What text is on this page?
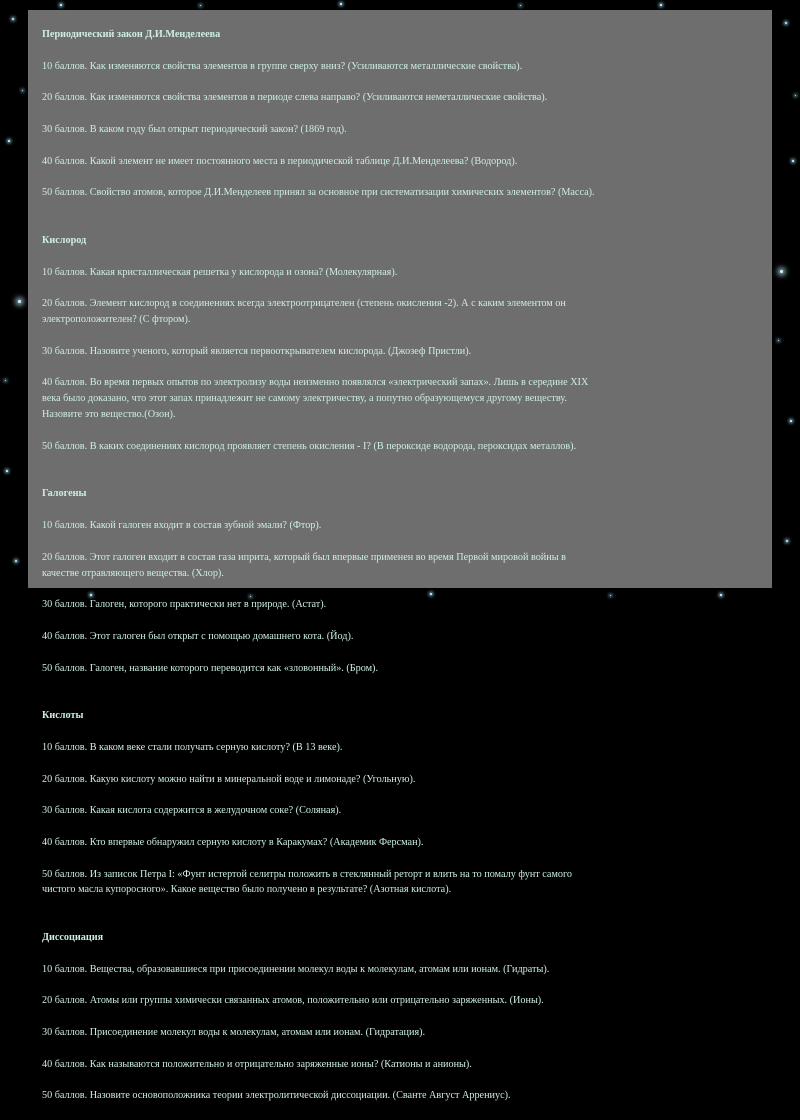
Периодический закон Д.И.Менделеева

10 баллов. Как изменяются свойства элементов в группе сверху вниз? (Усиливаются металлические свойства).

20 баллов. Как изменяются свойства элементов в периоде слева направо? (Усиливаются неметаллические свойства).

30 баллов. В каком году был открыт периодический закон? (1869 год).

40 баллов. Какой элемент не имеет постоянного места в периодической таблице Д.И.Менделеева? (Водород).

50 баллов. Свойство атомов, которое Д.И.Менделеев принял за основное при систематизации химических элементов? (Масса).

Кислород

10 баллов. Какая кристаллическая решетка у кислорода и озона? (Молекулярная).

20 баллов. Элемент кислород в соединениях всегда электроотрицателен (степень окисления -2). А с каким элементом он
электроположителен? (С фтором).

30 баллов. Назовите ученого, который является первооткрывателем кислорода. (Джозеф Пристли).

40 баллов. Во время первых опытов по электролизу воды неизменно появлялся «электрический запах». Лишь в середине XIX
века было доказано, что этот запах принадлежит не самому электричеству, а попутно образующемуся другому веществу.
Назовите это вещество.(Озон).

50 баллов. В каких соединениях кислород проявляет степень окисления - I? (В пероксиде водорода, пероксидах металлов).

Галогены

10 баллов. Какой галоген входит в состав зубной эмали? (Фтор).

20 баллов. Этот галоген входит в состав газа иприта, который был впервые применен во время Первой мировой войны в
качестве отравляющего вещества. (Хлор).

30 баллов. Галоген, которого практически нет в природе. (Астат).

40 баллов. Этот галоген был открыт с помощью домашнего кота. (Йод).

50 баллов. Галоген, название которого переводится как «зловонный». (Бром).

Кислоты

10 баллов. В каком веке стали получать серную кислоту? (В 13 веке).

20 баллов. Какую кислоту можно найти в минеральной воде и лимонаде? (Угольную).

30 баллов. Какая кислота содержится в желудочном соке? (Соляная).

40 баллов. Кто впервые обнаружил серную кислоту в Каракумах? (Академик Ферсман).

50 баллов. Из записок Петра I: «Фунт истертой селитры положить в стеклянный реторт и влить на то помалу фунт самого
чистого масла купоросного». Какое вещество было получено в результате? (Азотная кислота).

Диссоциация

10 баллов. Вещества, образовавшиеся при присоединении молекул воды к молекулам, атомам или ионам. (Гидраты).

20 баллов. Атомы или группы химически связанных атомов, положительно или отрицательно заряженных. (Ионы).

30 баллов. Присоединение молекул воды к молекулам, атомам или ионам. (Гидратация).

40 баллов. Как называются положительно и отрицательно заряженные ионы? (Катионы и анионы).

50 баллов. Назовите основоположника теории электролитической диссоциации. (Сванте Август Аррениус).
